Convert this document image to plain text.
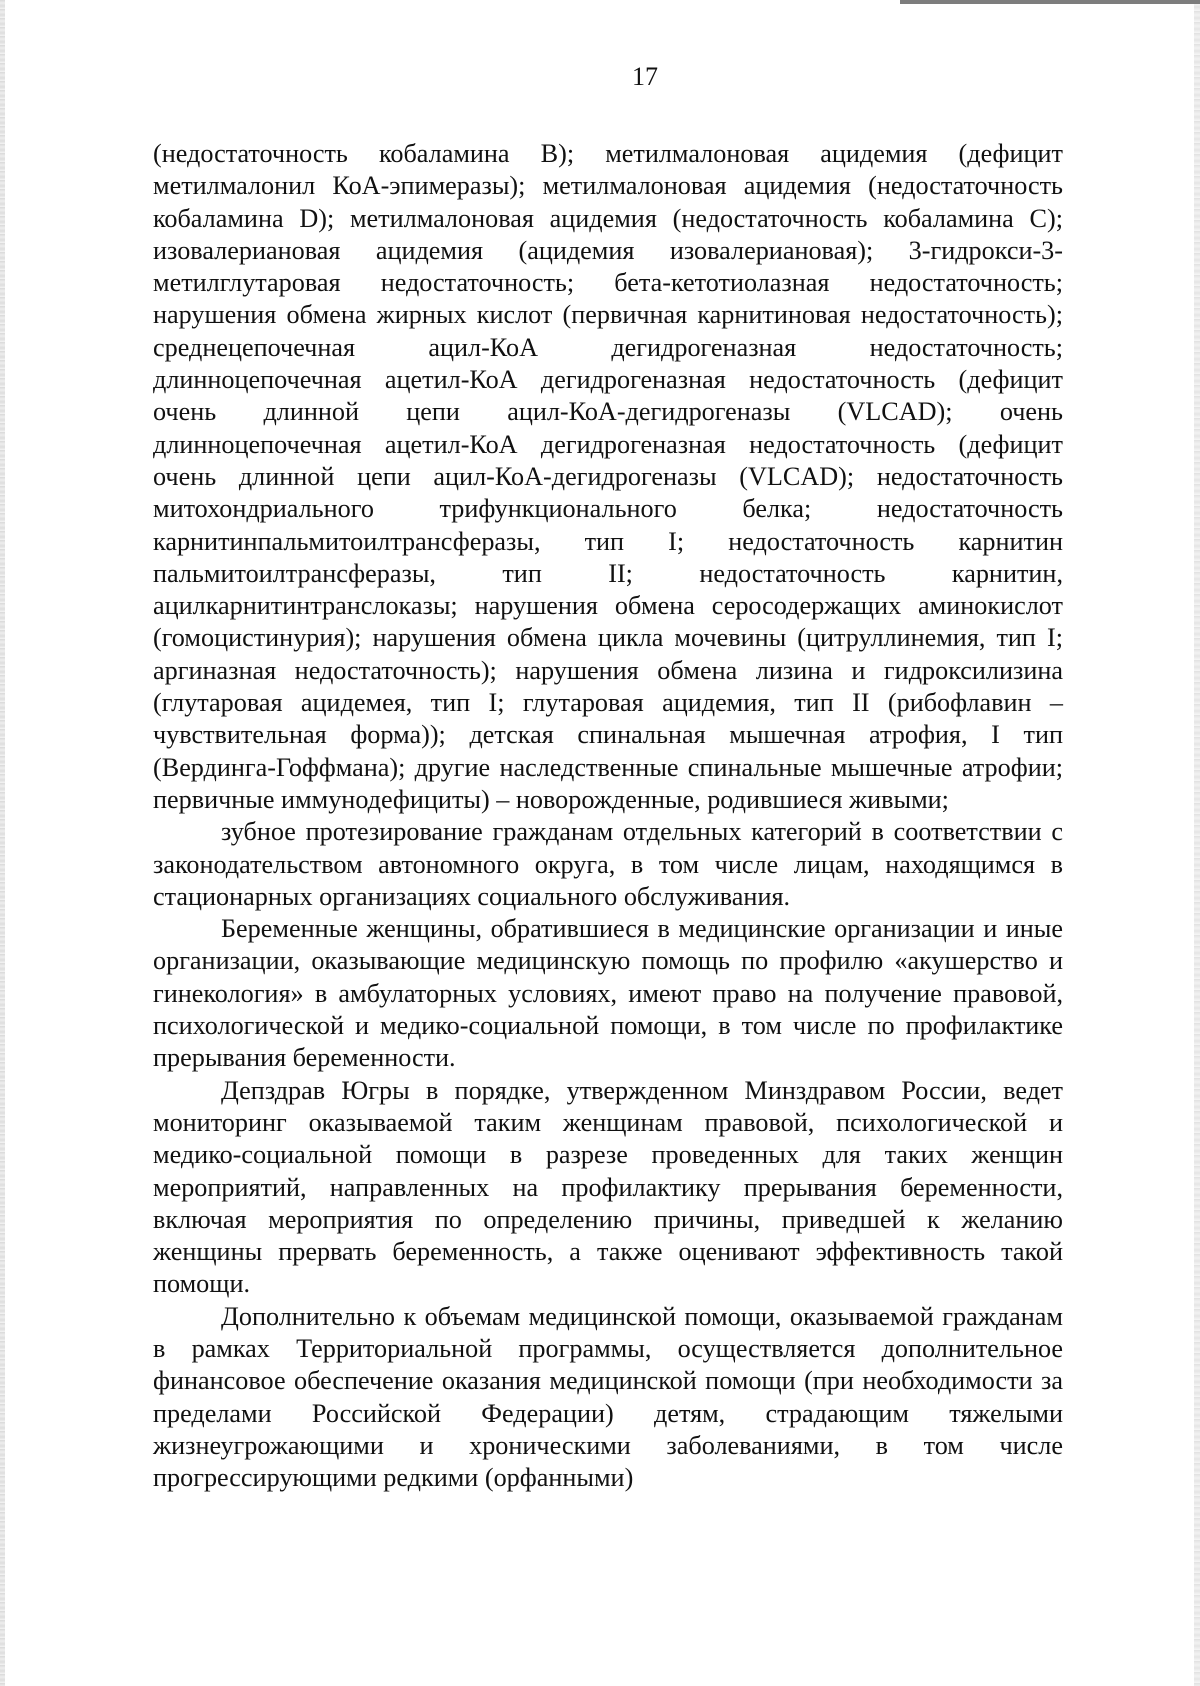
17

(недостаточность кобаламина B); метилмалоновая ацидемия (дефицит метилмалонил КоА-эпимеразы); метилмалоновая ацидемия (недостаточность кобаламина D); метилмалоновая ацидемия (недостаточность кобаламина C); изовалериановая ацидемия (ацидемия изовалериановая); 3-гидрокси-3-метилглутаровая недостаточность; бета-кетотиолазная недостаточность; нарушения обмена жирных кислот (первичная карнитиновая недостаточность); среднецепочечная ацил-КоА дегидрогеназная недостаточность; длинноцепочечная ацетил-КоА дегидрогеназная недостаточность (дефицит очень длинной цепи ацил-КоА-дегидрогеназы (VLCAD); очень длинноцепочечная ацетил-КоА дегидрогеназная недостаточность (дефицит очень длинной цепи ацил-КоА-дегидрогеназы (VLCAD); недостаточность митохондриального трифункционального белка; недостаточность карнитинпальмитоилтрансферазы, тип I; недостаточность карнитин пальмитоилтрансферазы, тип II; недостаточность карнитин, ацилкарнитинтранслоказы; нарушения обмена серосодержащих аминокислот (гомоцистинурия); нарушения обмена цикла мочевины (цитруллинемия, тип I; аргиназная недостаточность); нарушения обмена лизина и гидроксилизина (глутаровая ацидемея, тип I; глутаровая ацидемия, тип II (рибофлавин – чувствительная форма)); детская спинальная мышечная атрофия, I тип (Вердинга-Гоффмана); другие наследственные спинальные мышечные атрофии; первичные иммунодефициты) – новорожденные, родившиеся живыми;

зубное протезирование гражданам отдельных категорий в соответствии с законодательством автономного округа, в том числе лицам, находящимся в стационарных организациях социального обслуживания.

Беременные женщины, обратившиеся в медицинские организации и иные организации, оказывающие медицинскую помощь по профилю «акушерство и гинекология» в амбулаторных условиях, имеют право на получение правовой, психологической и медико-социальной помощи, в том числе по профилактике прерывания беременности.

Депздрав Югры в порядке, утвержденном Минздравом России, ведет мониторинг оказываемой таким женщинам правовой, психологической и медико-социальной помощи в разрезе проведенных для таких женщин мероприятий, направленных на профилактику прерывания беременности, включая мероприятия по определению причины, приведшей к желанию женщины прервать беременность, а также оценивают эффективность такой помощи.

Дополнительно к объемам медицинской помощи, оказываемой гражданам в рамках Территориальной программы, осуществляется дополнительное финансовое обеспечение оказания медицинской помощи (при необходимости за пределами Российской Федерации) детям, страдающим тяжелыми жизнеугрожающими и хроническими заболеваниями, в том числе прогрессирующими редкими (орфанными)
